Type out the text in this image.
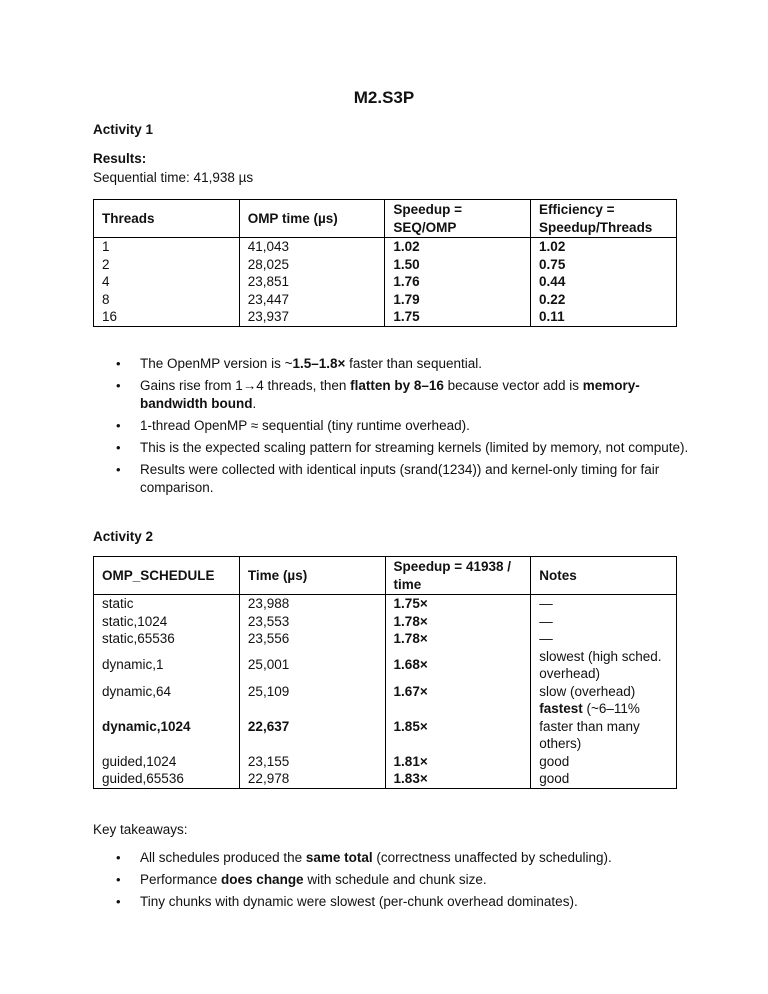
M2.S3P
Activity 1
Results:
Sequential time: 41,938 µs
Threads	OMP time (µs)	Speedup = SEQ/OMP	Efficiency = Speedup/Threads
1	41,043	1.02	1.02
2	28,025	1.50	0.75
4	23,851	1.76	0.44
8	23,447	1.79	0.22
16	23,937	1.75	0.11
• The OpenMP version is ~1.5–1.8× faster than sequential.
• Gains rise from 1→4 threads, then flatten by 8–16 because vector add is memory-bandwidth bound.
• 1-thread OpenMP ≈ sequential (tiny runtime overhead).
• This is the expected scaling pattern for streaming kernels (limited by memory, not compute).
• Results were collected with identical inputs (srand(1234)) and kernel-only timing for fair comparison.
Activity 2
OMP_SCHEDULE	Time (µs)	Speedup = 41938 / time	Notes
static	23,988	1.75×	—
static,1024	23,553	1.78×	—
static,65536	23,556	1.78×	—
dynamic,1	25,001	1.68×	slowest (high sched. overhead)
dynamic,64	25,109	1.67×	slow (overhead)
dynamic,1024	22,637	1.85×	fastest (~6–11%
faster than many others)
guided,1024	23,155	1.81×	good
guided,65536	22,978	1.83×	good
Key takeaways:
• All schedules produced the same total (correctness unaffected by scheduling).
• Performance does change with schedule and chunk size.
• Tiny chunks with dynamic were slowest (per-chunk overhead dominates).
